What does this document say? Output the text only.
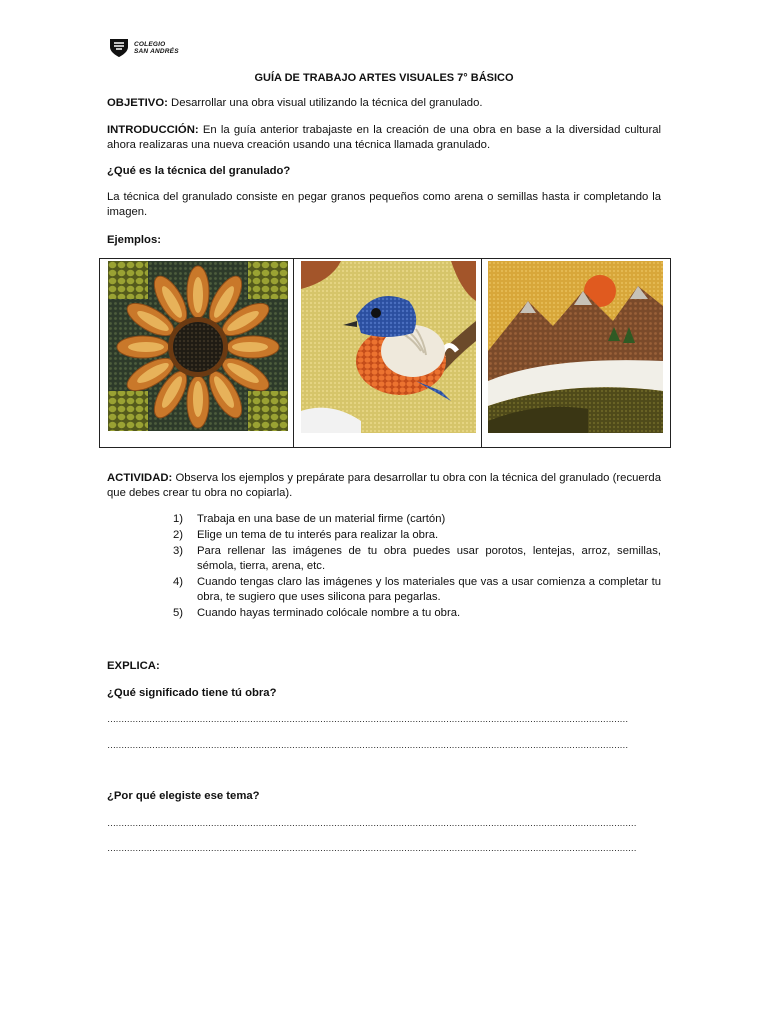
COLEGIO
SAN ANDRÉS
GUÍA DE TRABAJO ARTES VISUALES 7° BÁSICO
OBJETIVO: Desarrollar una obra visual utilizando la técnica del granulado.
INTRODUCCIÓN: En la guía anterior trabajaste en la creación de una obra en base a la diversidad cultural ahora realizaras una nueva creación usando una técnica llamada granulado.
¿Qué es la técnica del granulado?
La técnica del granulado consiste en pegar granos pequeños como arena o semillas hasta ir completando la imagen.
Ejemplos:
ACTIVIDAD: Observa los ejemplos y prepárate para desarrollar tu obra con la técnica del granulado (recuerda que debes crear tu obra no copiarla).
1) Trabaja en una base de un material firme (cartón)
2) Elige un tema de tu interés para realizar la obra.
3) Para rellenar las imágenes de tu obra puedes usar porotos, lentejas, arroz, semillas, sémola, tierra, arena, etc.
4) Cuando tengas claro las imágenes y los materiales que vas a usar comienza a completar tu obra, te sugiero que uses silicona para pegarlas.
5) Cuando hayas terminado colócale nombre a tu obra.
EXPLICA:
¿Qué significado tiene tú obra?
……………………………………………………………………………………………………………………………………………………………………
……………………………………………………………………………………………………………………………………………………………………
¿Por qué elegiste ese tema?
………………………………………………………………………………………………………………………………………………………………………
………………………………………………………………………………………………………………………………………………………………………
